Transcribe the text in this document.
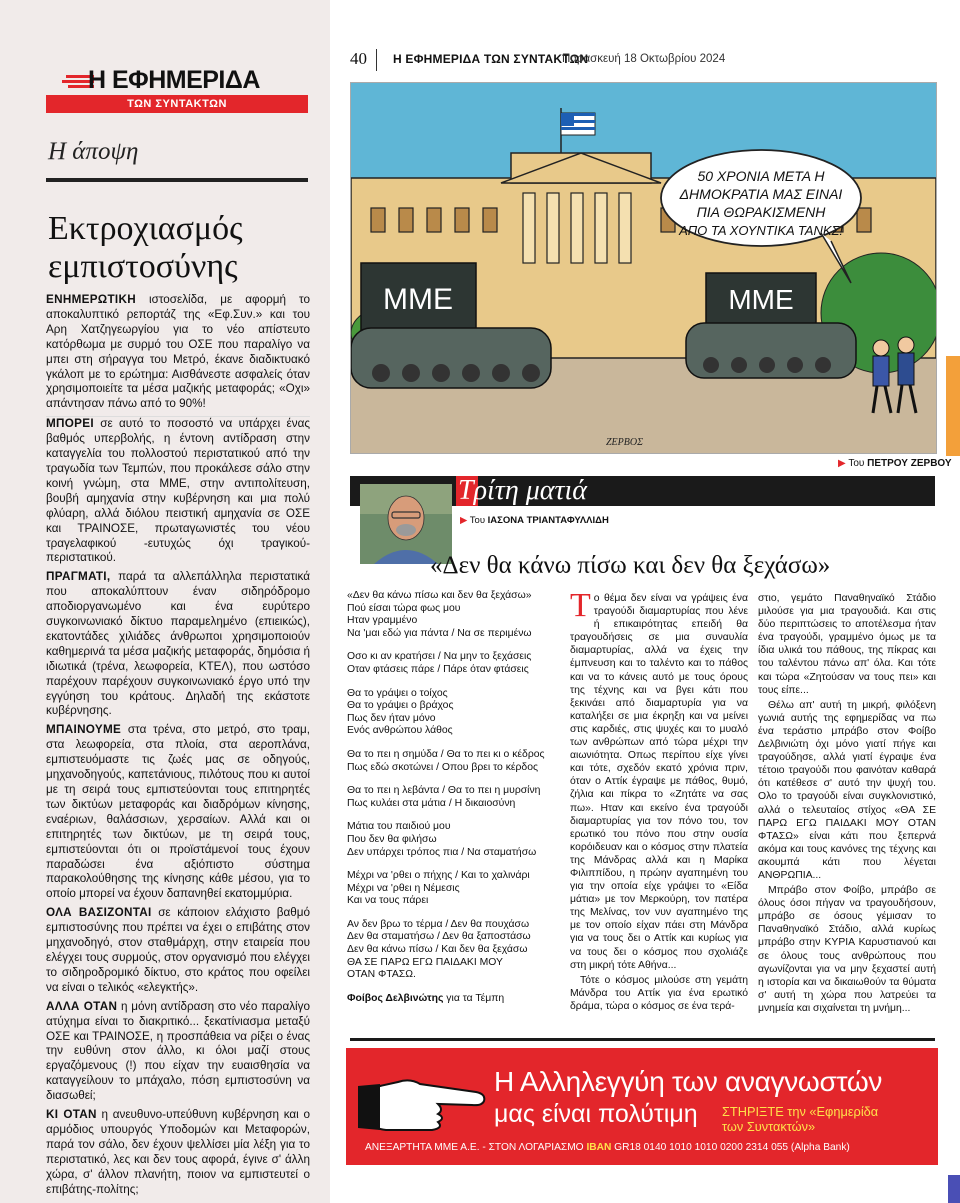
Η ΕΦΗΜΕΡΙΔΑ
ΤΩΝ ΣΥΝΤΑΚΤΩΝ
Η άποψη
Εκτροχιασμός
εμπιστοσύνης

ΕΝΗΜΕΡΩΤΙΚΗ ιστοσελίδα, με αφορμή το αποκαλυπτικό ρεπορτάζ της «Εφ.Συν.» και του Αρη Χατζηγεωργίου για το νέο απίστευτο κατόρθωμα με συρμό του ΟΣΕ που παραλίγο να μπει στη σήραγγα του Μετρό, έκανε διαδικτυακό γκάλοπ με το ερώτημα: Αισθάνεστε ασφαλείς όταν χρησιμοποιείτε τα μέσα μαζικής μεταφοράς; «Οχι» απάντησαν πάνω από το 90%!

ΜΠΟΡΕΙ σε αυτό το ποσοστό να υπάρχει ένας βαθμός υπερβολής, η έντονη αντίδραση στην καταγγελία του πολλοστού περιστατικού από την τραγωδία των Τεμπών, που προκάλεσε σάλο στην κοινή γνώμη, στα ΜΜΕ, στην αντιπολίτευση, βουβή αμηχανία στην κυβέρνηση και μια πολύ φλύαρη, αλλά διόλου πειστική αμηχανία σε ΟΣΕ και ΤΡΑΙΝΟΣΕ, πρωταγωνιστές του νέου τραγελαφικού -ευτυχώς όχι τραγικού- περιστατικού.

ΠΡΑΓΜΑΤΙ, παρά τα αλλεπάλληλα περιστατικά που αποκαλύπτουν έναν σιδηρόδρομο αποδιοργανωμένο και ένα ευρύτερο συγκοινωνιακό δίκτυο παραμελημένο (επιεικώς), εκατοντάδες χιλιάδες άνθρωποι χρησιμοποιούν καθημερινά τα μέσα μαζικής μεταφοράς, δημόσια ή ιδιωτικά (τρένα, λεωφορεία, ΚΤΕΛ), που ωστόσο παρέχουν παρέχουν συγκοινωνιακό έργο υπό την εγγύηση του κράτους. Δηλαδή της εκάστοτε κυβέρνησης.

ΜΠΑΙΝΟΥΜΕ στα τρένα, στο μετρό, στο τραμ, στα λεωφορεία, στα πλοία, στα αεροπλάνα, εμπιστευόμαστε τις ζωές μας σε οδηγούς, μηχανοδηγούς, καπετάνιους, πιλότους που κι αυτοί με τη σειρά τους εμπιστεύονται τους επιτηρητές των δικτύων μεταφοράς και διαδρόμων κίνησης, εναέριων, θαλάσσιων, χερσαίων. Αλλά και οι επιτηρητές των δικτύων, με τη σειρά τους, εμπιστεύονται ότι οι προϊστάμενοί τους έχουν παραδώσει ένα αξιόπιστο σύστημα παρακολούθησης της κίνησης κάθε μέσου, για το οποίο μπορεί να έχουν δαπανηθεί εκατομμύρια.

ΟΛΑ ΒΑΣΙΖΟΝΤΑΙ σε κάποιον ελάχιστο βαθμό εμπιστοσύνης που πρέπει να έχει ο επιβάτης στον μηχανοδηγό, στον σταθμάρχη, στην εταιρεία που ελέγχει τους συρμούς, στον οργανισμό που ελέγχει το σιδηροδρομικό δίκτυο, στο κράτος που οφείλει να είναι ο τελικός «ελεγκτής».

ΑΛΛΑ ΟΤΑΝ η μόνη αντίδραση στο νέο παραλίγο ατύχημα είναι το διακριτικό... ξεκατίνιασμα μεταξύ ΟΣΕ και ΤΡΑΙΝΟΣΕ, η προσπάθεια να ρίξει ο ένας την ευθύνη στον άλλο, κι όλοι μαζί στους εργαζόμενους (!) που είχαν την ευαισθησία να καταγγείλουν το μπάχαλο, πόση εμπιστοσύνη να διασωθεί;

ΚΙ ΟΤΑΝ η ανευθυνο-υπεύθυνη κυβέρνηση και ο αρμόδιος υπουργός Υποδομών και Μεταφορών, παρά τον σάλο, δεν έχουν ψελλίσει μία λέξη για το περιστατικό, λες και δεν τους αφορά, έγινε σ' άλλη χώρα, σ' άλλον πλανήτη, ποιον να εμπιστευτεί ο επιβάτης-πολίτης;

40 Η ΕΦΗΜΕΡΙΔΑ ΤΩΝ ΣΥΝΤΑΚΤΩΝ
Παρασκευή 18 Οκτωβρίου 2024
50 ΧΡΟΝΙΑ ΜΕΤΑ Η
ΔΗΜΟΚΡΑΤΙΑ ΜΑΣ ΕΙΝΑΙ
ΠΙΑ ΘΩΡΑΚΙΣΜΕΝΗ
ΑΠΟ ΤΑ ΧΟΥΝΤΙΚΑ ΤΑΝΚΣ!
ΜΜΕ	ΜΜΕ
ΖΕΡΒΟΣ
▶ Του ΠΕΤΡΟΥ ΖΕΡΒΟΥ
Τρίτη ματιά
▶ Του ΙΑΣΟΝΑ ΤΡΙΑΝΤΑΦΥΛΛΙΔΗ
«Δεν θα κάνω πίσω και δεν θα ξεχάσω»
«Δεν θα κάνω πίσω και δεν θα ξεχάσω»
Πού είσαι τώρα φως μου
Ηταν γραμμένο
Να 'μαι εδώ για πάντα / Να σε περιμένω
Οσο κι αν κρατήσει / Να μην το ξεχάσεις
Οταν φτάσεις πάρε / Πάρε όταν φτάσεις
Θα το γράψει ο τοίχος
Θα το γράψει ο βράχος
Πως δεν ήταν μόνο
Ενός ανθρώπου λάθος
Θα το πει η σημύδα / Θα το πει κι ο κέδρος
Πως εδώ σκοτώνει / Οπου βρει το κέρδος
Θα το πει η λεβάντα / Θα το πει η μυρσίνη
Πως κυλάει στα μάτια / Η δικαιοσύνη
Μάτια του παιδιού μου
Που δεν θα φιλήσω
Δεν υπάρχει τρόπος πια / Να σταματήσω
Μέχρι να 'ρθει ο πήχης / Και το χαλινάρι
Μέχρι να 'ρθει η Νέμεσις
Και να τους πάρει
Αν δεν βρω το τέρμα / Δεν θα πουχάσω
Δεν θα σταματήσω / Δεν θα ξαποστάσω
Δεν θα κάνω πίσω / Και δεν θα ξεχάσω
ΘΑ ΣΕ ΠΑΡΩ ΕΓΩ ΠΑΙΔΑΚΙ ΜΟΥ
ΟΤΑΝ ΦΤΑΣΩ.
Φοίβος Δελβινώτης για τα Τέμπη

Το θέμα δεν είναι να γράψεις ένα τραγούδι διαμαρτυρίας που λένε ή επικαιρότητας επειδή θα τραγουδήσεις σε μια συναυλία διαμαρτυρίας, αλλά να έχεις την έμπνευση και το ταλέντο και το πάθος και να το κάνεις αυτό με τους όρους της τέχνης και να βγει κάτι που ξεκινάει από διαμαρτυρία για να καταλήξει σε μια έκρηξη και να μείνει στις καρδιές, στις ψυχές και το μυαλό των ανθρώπων από τώρα μέχρι την αιωνιότητα. Οπως περίπου είχε γίνει και τότε, σχεδόν εκατό χρόνια πριν, όταν ο Αττίκ έγραψε με πάθος, θυμό, ζήλια και πίκρα το «Ζητάτε να σας πω». Ηταν και εκείνο ένα τραγούδι διαμαρτυρίας για τον πόνο του, τον ερωτικό του πόνο που στην ουσία κορόιδευαν και ο κόσμος στην πλατεία της Μάνδρας αλλά και η Μαρίκα Φιλιππίδου, η πρώην αγαπημένη του για την οποία είχε γράψει το «Είδα μάτια» με τον Μερκούρη, τον πατέρα της Μελίνας, τον νυν αγαπημένο της με τον οποίο είχαν πάει στη Μάνδρα για να τους δει ο Αττίκ και κυρίως για να τους δει ο κόσμος που σχολιάζε στη μικρή τότε Αθήνα...

Τότε ο κόσμος μιλούσε στη γεμάτη Μάνδρα του Αττίκ για ένα ερωτικό δράμα, τώρα ο κόσμος σε ένα τερά-

στιο, γεμάτο Παναθηναϊκό Στάδιο μιλούσε για μια τραγουδιά. Και στις δύο περιπτώσεις το αποτέλεσμα ήταν ένα τραγούδι, γραμμένο όμως με τα ίδια υλικά του πάθους, της πίκρας και του ταλέντου πάνω απ' όλα. Και τότε και τώρα «Ζητούσαν να τους πει» και τους είπε...

Θέλω απ' αυτή τη μικρή, φιλόξενη γωνιά αυτής της εφημερίδας να πω ένα τεράστιο μπράβο στον Φοίβο Δελβινιώτη όχι μόνο γιατί πήγε και τραγούδησε, αλλά γιατί έγραψε ένα τέτοιο τραγούδι που φαινόταν καθαρά ότι κατέθεσε σ' αυτό την ψυχή του. Ολο το τραγούδι είναι συγκλονιστικό, αλλά ο τελευταίος στίχος «ΘΑ ΣΕ ΠΑΡΩ ΕΓΩ ΠΑΙΔΑΚΙ ΜΟΥ ΟΤΑΝ ΦΤΑΣΩ» είναι κάτι που ξεπερνά ακόμα και τους κανόνες της τέχνης και ακουμπά κάτι που λέγεται ΑΝΘΡΩΠΙΑ...

Μπράβο στον Φοίβο, μπράβο σε όλους όσοι πήγαν να τραγουδήσουν, μπράβο σε όσους γέμισαν το Παναθηναϊκό Στάδιο, αλλά κυρίως μπράβο στην ΚΥΡΙΑ Καρυστιανού και σε όλους τους ανθρώπους που αγωνίζονται για να μην ξεχαστεί αυτή η ιστορία και να δικαιωθούν τα θύματα σ' αυτή τη χώρα που λατρεύει τα μνημεία και σιχαίνεται τη μνήμη...

Η Αλληλεγγύη των αναγνωστών
μας είναι πολύτιμη ΣΤΗΡΙΞΤΕ την «Εφημερίδα
των Συντακτών»
ΑΝΕΞΑΡΤΗΤΑ ΜΜΕ Α.Ε. - ΣΤΟΝ ΛΟΓΑΡΙΑΣΜΟ IBAN GR18 0140 1010 1010 0200 2314 055 (Alpha Bank)
